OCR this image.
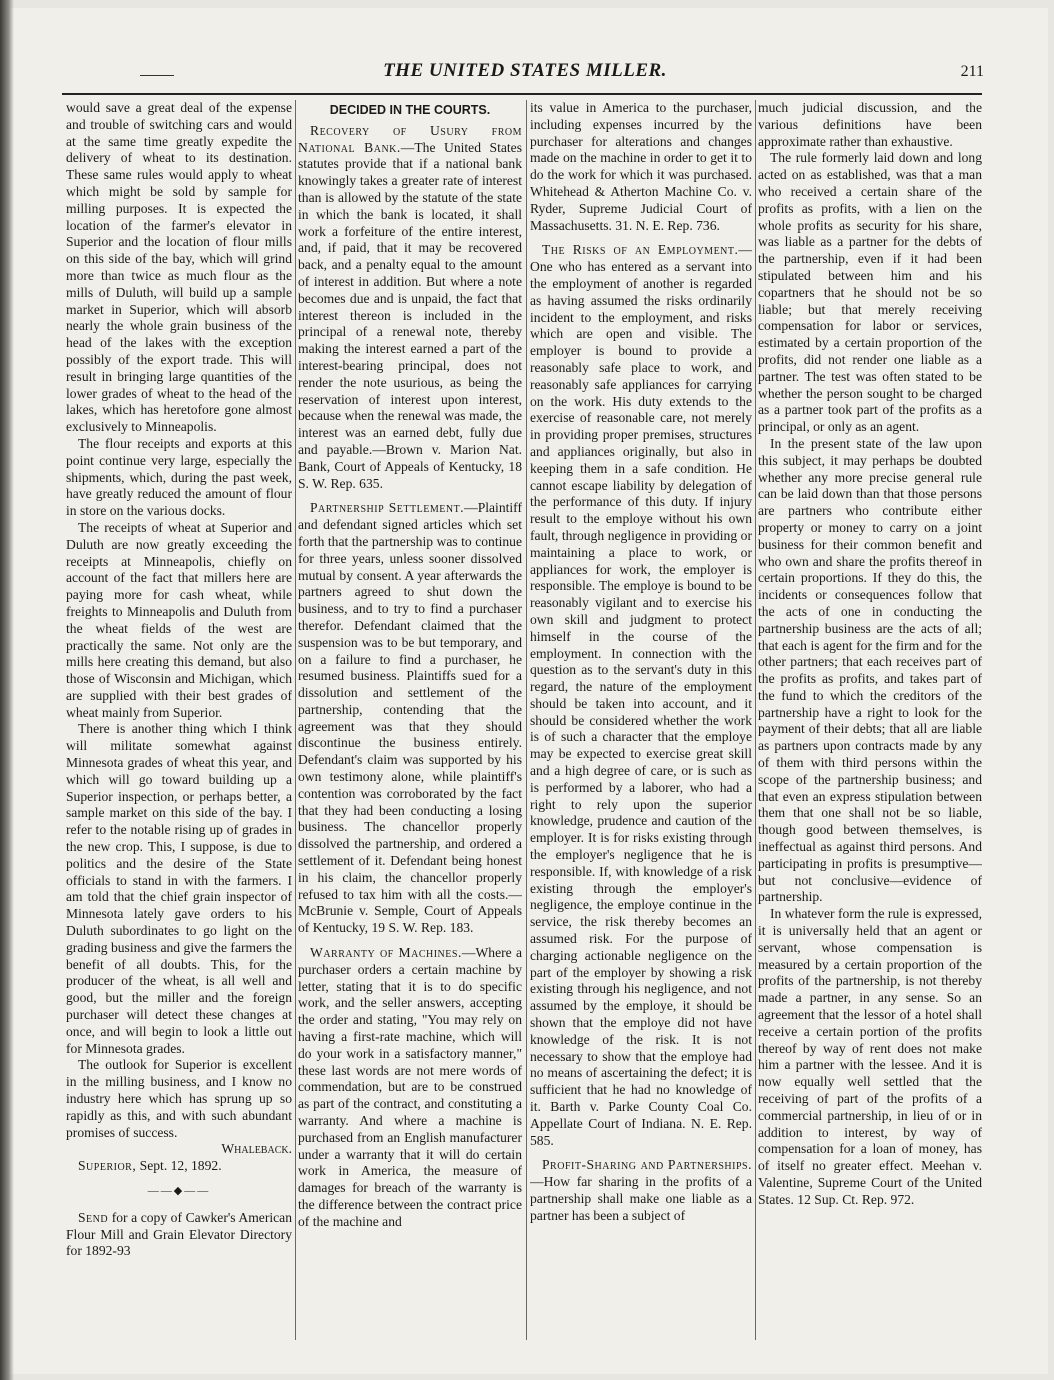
THE UNITED STATES MILLER.	211

would save a great deal of the expense and trouble of switching cars and would at the same time greatly expedite the delivery of wheat to its destination. These same rules would apply to wheat which might be sold by sample for milling purposes. It is expected the location of the farmer's elevator in Superior and the location of flour mills on this side of the bay, which will grind more than twice as much flour as the mills of Duluth, will build up a sample market in Superior, which will absorb nearly the whole grain business of the head of the lakes with the exception possibly of the export trade. This will result in bringing large quantities of the lower grades of wheat to the head of the lakes, which has heretofore gone almost exclusively to Minneapolis.

The flour receipts and exports at this point continue very large, especially the shipments, which, during the past week, have greatly reduced the amount of flour in store on the various docks.

The receipts of wheat at Superior and Duluth are now greatly exceeding the receipts at Minneapolis, chiefly on account of the fact that millers here are paying more for cash wheat, while freights to Minneapolis and Duluth from the wheat fields of the west are practically the same. Not only are the mills here creating this demand, but also those of Wisconsin and Michigan, which are supplied with their best grades of wheat mainly from Superior.

There is another thing which I think will militate somewhat against Minnesota grades of wheat this year, and which will go toward building up a Superior inspection, or perhaps better, a sample market on this side of the bay. I refer to the notable rising up of grades in the new crop. This, I suppose, is due to politics and the desire of the State officials to stand in with the farmers. I am told that the chief grain inspector of Minnesota lately gave orders to his Duluth subordinates to go light on the grading business and give the farmers the benefit of all doubts. This, for the producer of the wheat, is all well and good, but the miller and the foreign purchaser will detect these changes at once, and will begin to look a little out for Minnesota grades.

The outlook for Superior is excellent in the milling business, and I know no industry here which has sprung up so rapidly as this, and with such abundant promises of success.

Whaleback.

Superior, Sept. 12, 1892.

——◆——

Send for a copy of Cawker's American Flour Mill and Grain Elevator Directory for 1892-93

DECIDED IN THE COURTS.

Recovery of Usury from National Bank.—The United States statutes provide that if a national bank knowingly takes a greater rate of interest than is allowed by the statute of the state in which the bank is located, it shall work a forfeiture of the entire interest, and, if paid, that it may be recovered back, and a penalty equal to the amount of interest in addition. But where a note becomes due and is unpaid, the fact that interest thereon is included in the principal of a renewal note, thereby making the interest earned a part of the interest-bearing principal, does not render the note usurious, as being the reservation of interest upon interest, because when the renewal was made, the interest was an earned debt, fully due and payable.—Brown v. Marion Nat. Bank, Court of Appeals of Kentucky, 18 S. W. Rep. 635.

Partnership Settlement.—Plaintiff and defendant signed articles which set forth that the partnership was to continue for three years, unless sooner dissolved mutual by consent. A year afterwards the partners agreed to shut down the business, and to try to find a purchaser therefor. Defendant claimed that the suspension was to be but temporary, and on a failure to find a purchaser, he resumed business. Plaintiffs sued for a dissolution and settlement of the partnership, contending that the agreement was that they should discontinue the business entirely. Defendant's claim was supported by his own testimony alone, while plaintiff's contention was corroborated by the fact that they had been conducting a losing business. The chancellor properly dissolved the partnership, and ordered a settlement of it. Defendant being honest in his claim, the chancellor properly refused to tax him with all the costs.—McBrunie v. Semple, Court of Appeals of Kentucky, 19 S. W. Rep. 183.

Warranty of Machines.—Where a purchaser orders a certain machine by letter, stating that it is to do specific work, and the seller answers, accepting the order and stating, "You may rely on having a first-rate machine, which will do your work in a satisfactory manner," these last words are not mere words of commendation, but are to be construed as part of the contract, and constituting a warranty. And where a machine is purchased from an English manufacturer under a warranty that it will do certain work in America, the measure of damages for breach of the warranty is the difference between the contract price of the machine and

its value in America to the purchaser, including expenses incurred by the purchaser for alterations and changes made on the machine in order to get it to do the work for which it was purchased. Whitehead & Atherton Machine Co. v. Ryder, Supreme Judicial Court of Massachusetts. 31. N. E. Rep. 736.

The Risks of an Employment.—One who has entered as a servant into the employment of another is regarded as having assumed the risks ordinarily incident to the employment, and risks which are open and visible. The employer is bound to provide a reasonably safe place to work, and reasonably safe appliances for carrying on the work. His duty extends to the exercise of reasonable care, not merely in providing proper premises, structures and appliances originally, but also in keeping them in a safe condition. He cannot escape liability by delegation of the performance of this duty. If injury result to the employe without his own fault, through negligence in providing or maintaining a place to work, or appliances for work, the employer is responsible. The employe is bound to be reasonably vigilant and to exercise his own skill and judgment to protect himself in the course of the employment. In connection with the question as to the servant's duty in this regard, the nature of the employment should be taken into account, and it should be considered whether the work is of such a character that the employe may be expected to exercise great skill and a high degree of care, or is such as is performed by a laborer, who had a right to rely upon the superior knowledge, prudence and caution of the employer. It is for risks existing through the employer's negligence that he is responsible. If, with knowledge of a risk existing through the employer's negligence, the employe continue in the service, the risk thereby becomes an assumed risk. For the purpose of charging actionable negligence on the part of the employer by showing a risk existing through his negligence, and not assumed by the employe, it should be shown that the employe did not have knowledge of the risk. It is not necessary to show that the employe had no means of ascertaining the defect; it is sufficient that he had no knowledge of it. Barth v. Parke County Coal Co. Appellate Court of Indiana. N. E. Rep. 585.

Profit-Sharing and Partnerships.—How far sharing in the profits of a partnership shall make one liable as a partner has been a subject of

much judicial discussion, and the various definitions have been approximate rather than exhaustive.

The rule formerly laid down and long acted on as established, was that a man who received a certain share of the profits as profits, with a lien on the whole profits as security for his share, was liable as a partner for the debts of the partnership, even if it had been stipulated between him and his copartners that he should not be so liable; but that merely receiving compensation for labor or services, estimated by a certain proportion of the profits, did not render one liable as a partner. The test was often stated to be whether the person sought to be charged as a partner took part of the profits as a principal, or only as an agent.

In the present state of the law upon this subject, it may perhaps be doubted whether any more precise general rule can be laid down than that those persons are partners who contribute either property or money to carry on a joint business for their common benefit and who own and share the profits thereof in certain proportions. If they do this, the incidents or consequences follow that the acts of one in conducting the partnership business are the acts of all; that each is agent for the firm and for the other partners; that each receives part of the profits as profits, and takes part of the fund to which the creditors of the partnership have a right to look for the payment of their debts; that all are liable as partners upon contracts made by any of them with third persons within the scope of the partnership business; and that even an express stipulation between them that one shall not be so liable, though good between themselves, is ineffectual as against third persons. And participating in profits is presumptive—but not conclusive—evidence of partnership.

In whatever form the rule is expressed, it is universally held that an agent or servant, whose compensation is measured by a certain proportion of the profits of the partnership, is not thereby made a partner, in any sense. So an agreement that the lessor of a hotel shall receive a certain portion of the profits thereof by way of rent does not make him a partner with the lessee. And it is now equally well settled that the receiving of part of the profits of a commercial partnership, in lieu of or in addition to interest, by way of compensation for a loan of money, has of itself no greater effect. Meehan v. Valentine, Supreme Court of the United States. 12 Sup. Ct. Rep. 972.
